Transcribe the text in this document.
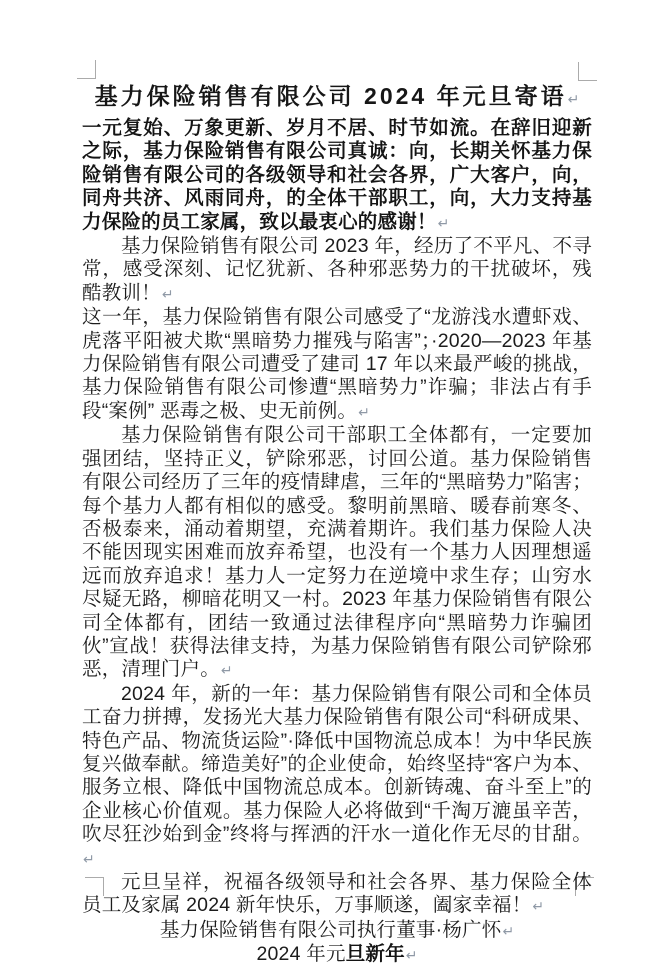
基力保险销售有限公司 2024 年元旦寄语↵

一元复始、万象更新、岁月不居、时节如流。在辞旧迎新之际，基力保险销售有限公司真诚：向，长期关怀基力保险销售有限公司的各级领导和社会各界，广大客户，向，同舟共济、风雨同舟，的全体干部职工，向，大力支持基力保险的员工家属，致以最衷心的感谢！↵

基力保险销售有限公司 2023 年，经历了不平凡、不寻常，感受深刻、记忆犹新、各种邪恶势力的干扰破坏，残酷教训！↵

这一年，基力保险销售有限公司感受了“龙游浅水遭虾戏、虎落平阳被犬欺“黑暗势力摧残与陷害”；·2020—2023 年基力保险销售有限公司遭受了建司 17 年以来最严峻的挑战，基力保险销售有限公司惨遭“黑暗势力”诈骗；非法占有手段“案例” 恶毒之极、史无前例。↵

基力保险销售有限公司干部职工全体都有，一定要加强团结，坚持正义，铲除邪恶，讨回公道。基力保险销售有限公司经历了三年的疫情肆虐，三年的“黑暗势力”陷害；每个基力人都有相似的感受。黎明前黑暗、暖春前寒冬、否极泰来，涌动着期望，充满着期许。我们基力保险人决不能因现实困难而放弃希望，也没有一个基力人因理想遥远而放弃追求！基力人一定努力在逆境中求生存；山穷水尽疑无路，柳暗花明又一村。2023 年基力保险销售有限公司全体都有，团结一致通过法律程序向“黑暗势力诈骗团伙”宣战！获得法律支持，为基力保险销售有限公司铲除邪恶，清理门户。↵

2024 年，新的一年：基力保险销售有限公司和全体员工奋力拼搏，发扬光大基力保险销售有限公司“科研成果、特色产品、物流货运险”·降低中国物流总成本！为中华民族复兴做奉献。缔造美好”的企业使命，始终坚持“客户为本、服务立根、降低中国物流总成本。创新铸魂、奋斗至上”的企业核心价值观。基力保险人必将做到“千淘万漉虽辛苦，吹尽狂沙始到金”终将与挥洒的汗水一道化作无尽的甘甜。↵

元旦呈祥，祝福各级领导和社会各界、基力保险全体员工及家属 2024 新年快乐，万事顺遂，阖家幸福！↵

基力保险销售有限公司执行董事·杨广怀↵

2024 年元旦新年↵
